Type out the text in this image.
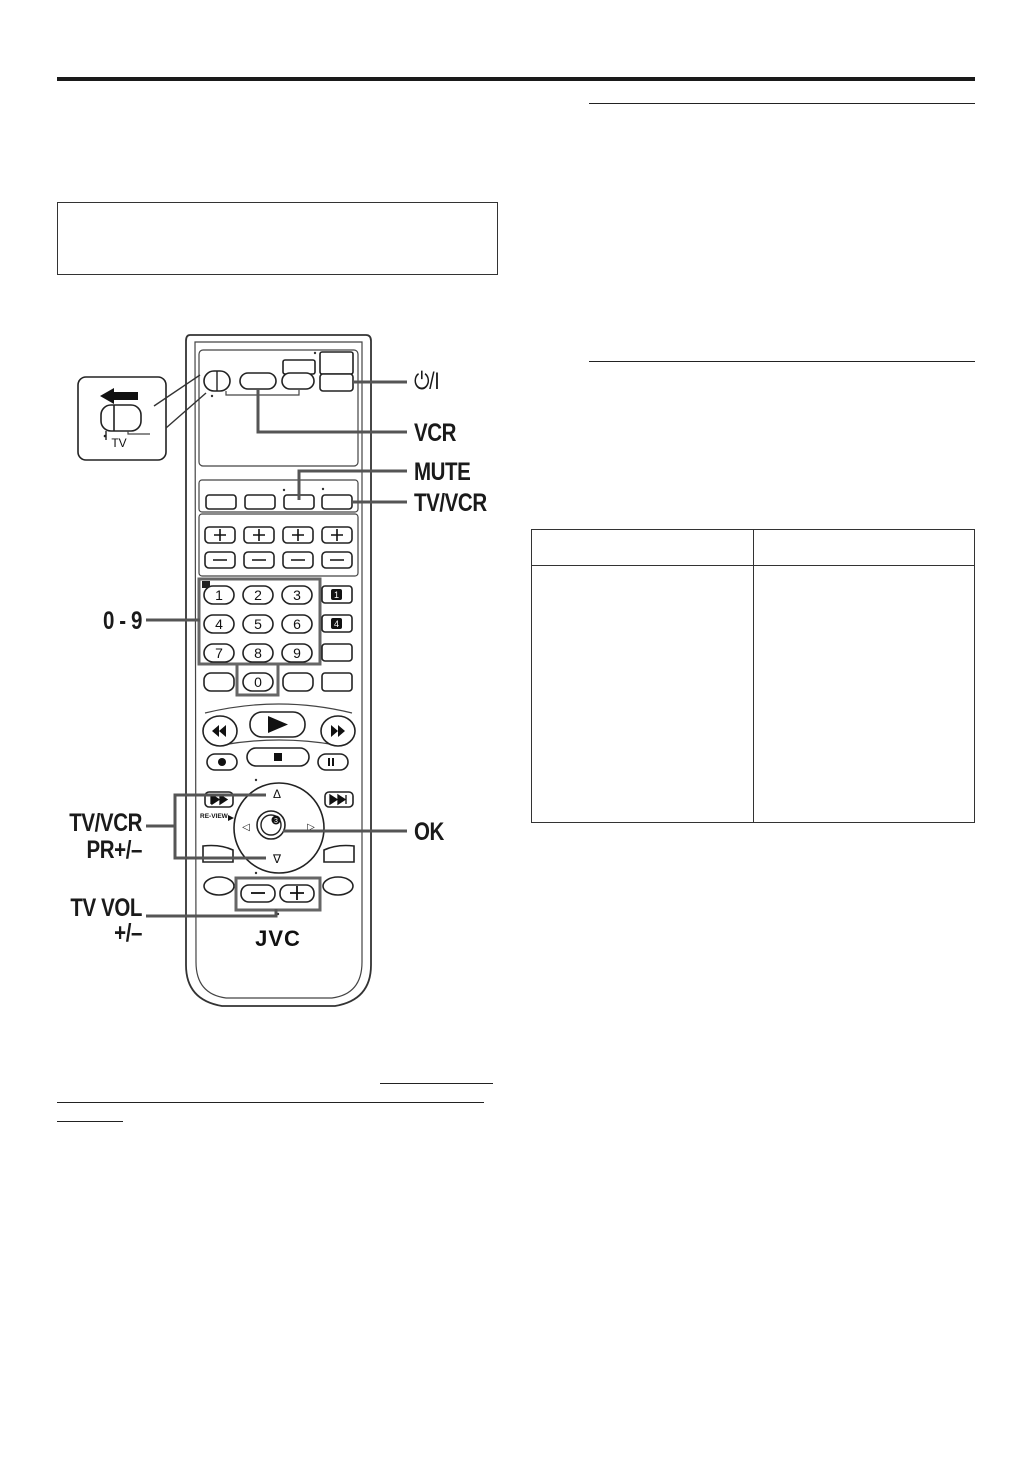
1 2 3
4 5 6
7 8 9
0
1
4
3
Δ
∇
◁	▷
RE-VIEW
JVC
TV
⏻/I
VCR
MUTE
TV/VCR
0 - 9
OK
TV/VCR
PR+/–
TV VOL
+/–
